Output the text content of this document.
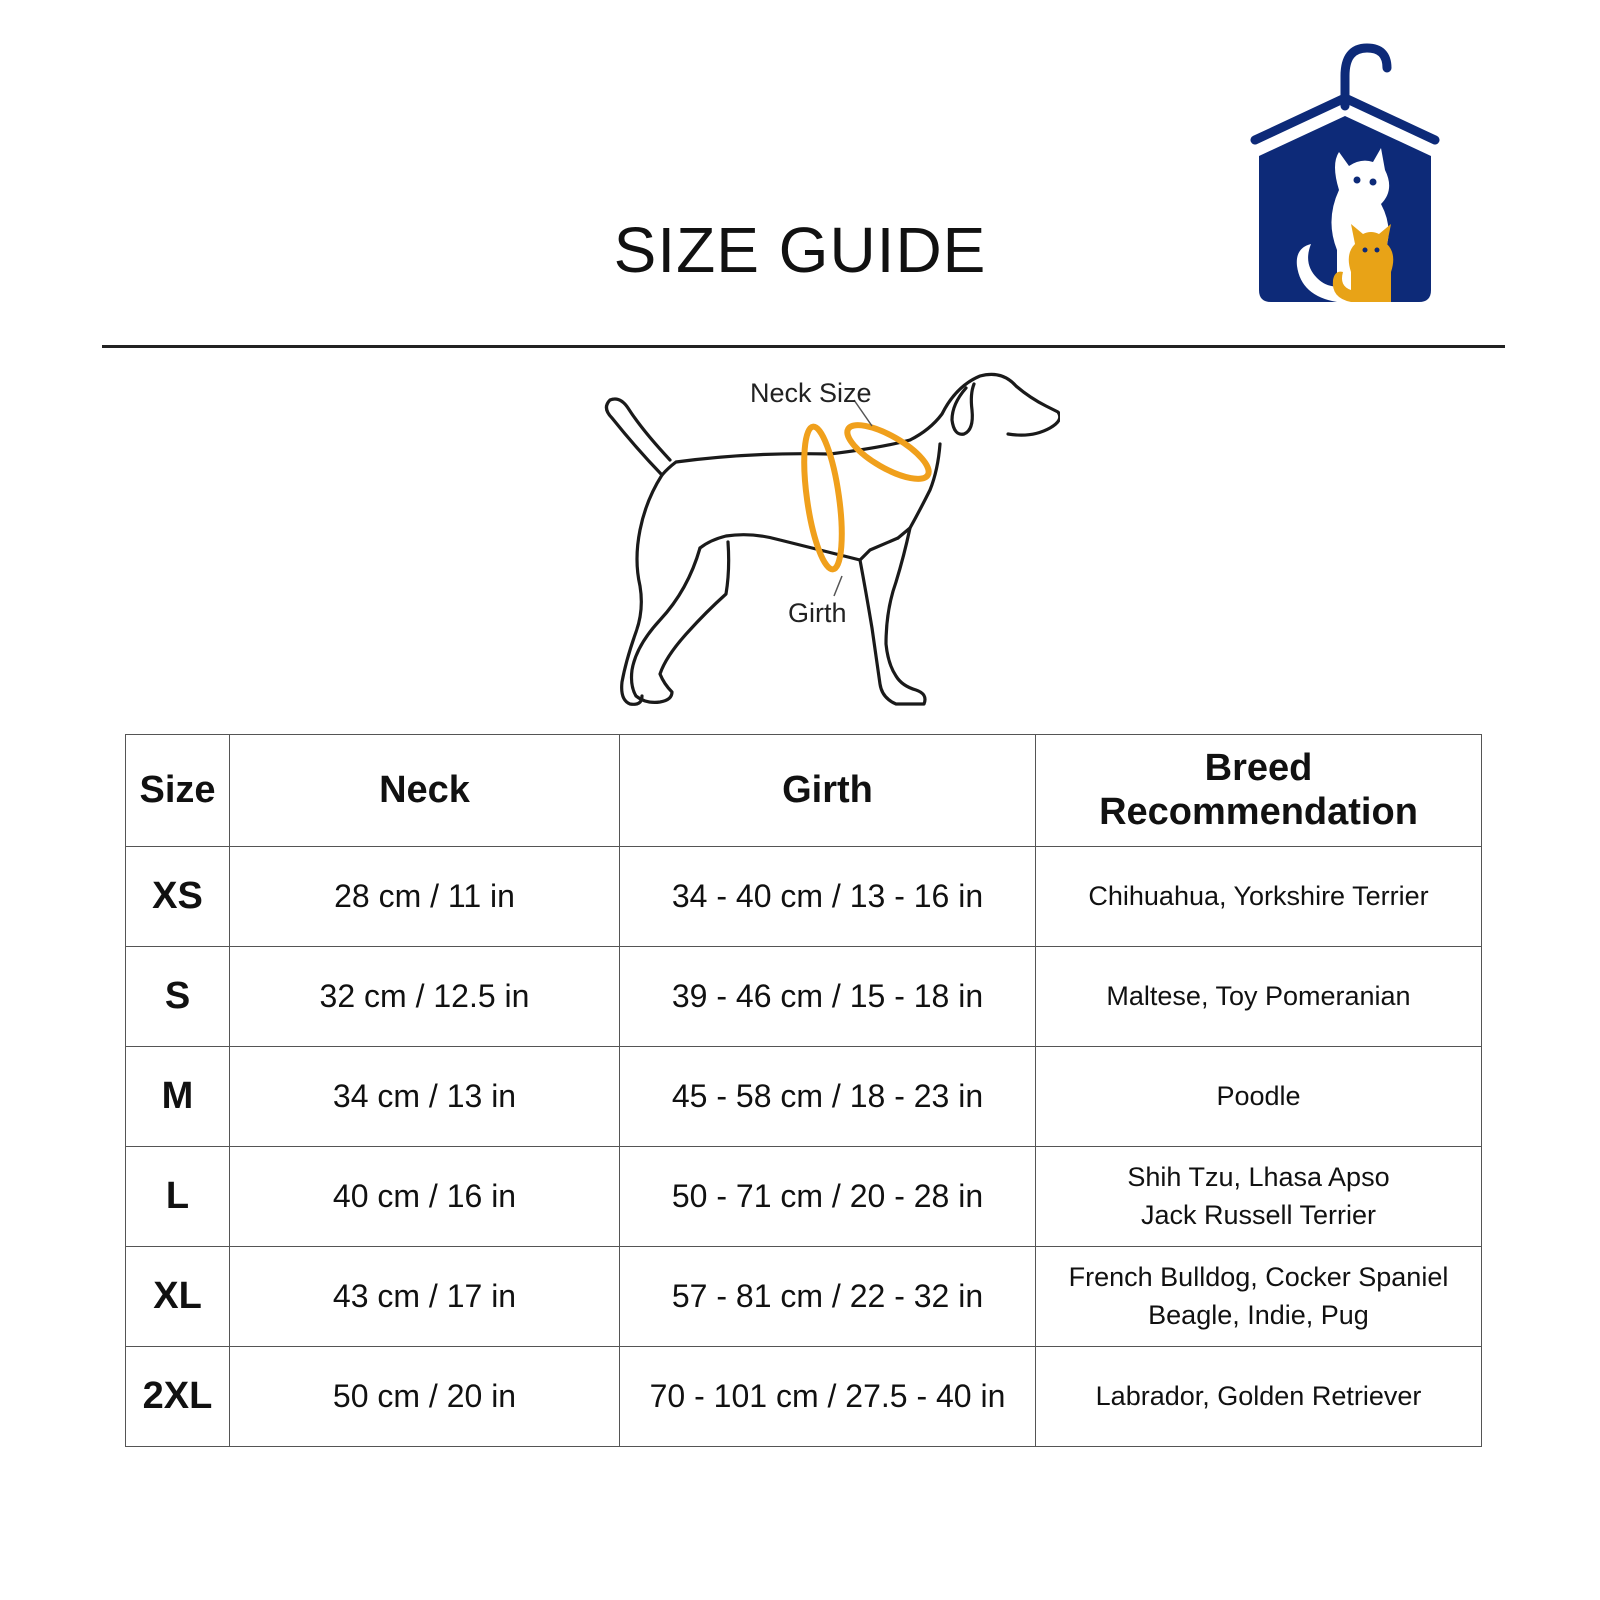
SIZE GUIDE
Neck Size
Girth
Size	Neck	Girth	Breed
Recommendation
XS	28 cm / 11 in	34 - 40 cm / 13 - 16 in	Chihuahua, Yorkshire Terrier
S	32 cm / 12.5 in	39 - 46 cm / 15 - 18 in	Maltese, Toy Pomeranian
M	34 cm / 13 in	45 - 58 cm / 18 - 23 in	Poodle
L	40 cm / 16 in	50 - 71 cm / 20 - 28 in	Shih Tzu, Lhasa Apso
Jack Russell Terrier
XL	43 cm / 17 in	57 - 81 cm / 22 - 32 in	French Bulldog, Cocker Spaniel
Beagle, Indie, Pug
2XL	50 cm / 20 in	70 - 101 cm / 27.5 - 40 in	Labrador, Golden Retriever
